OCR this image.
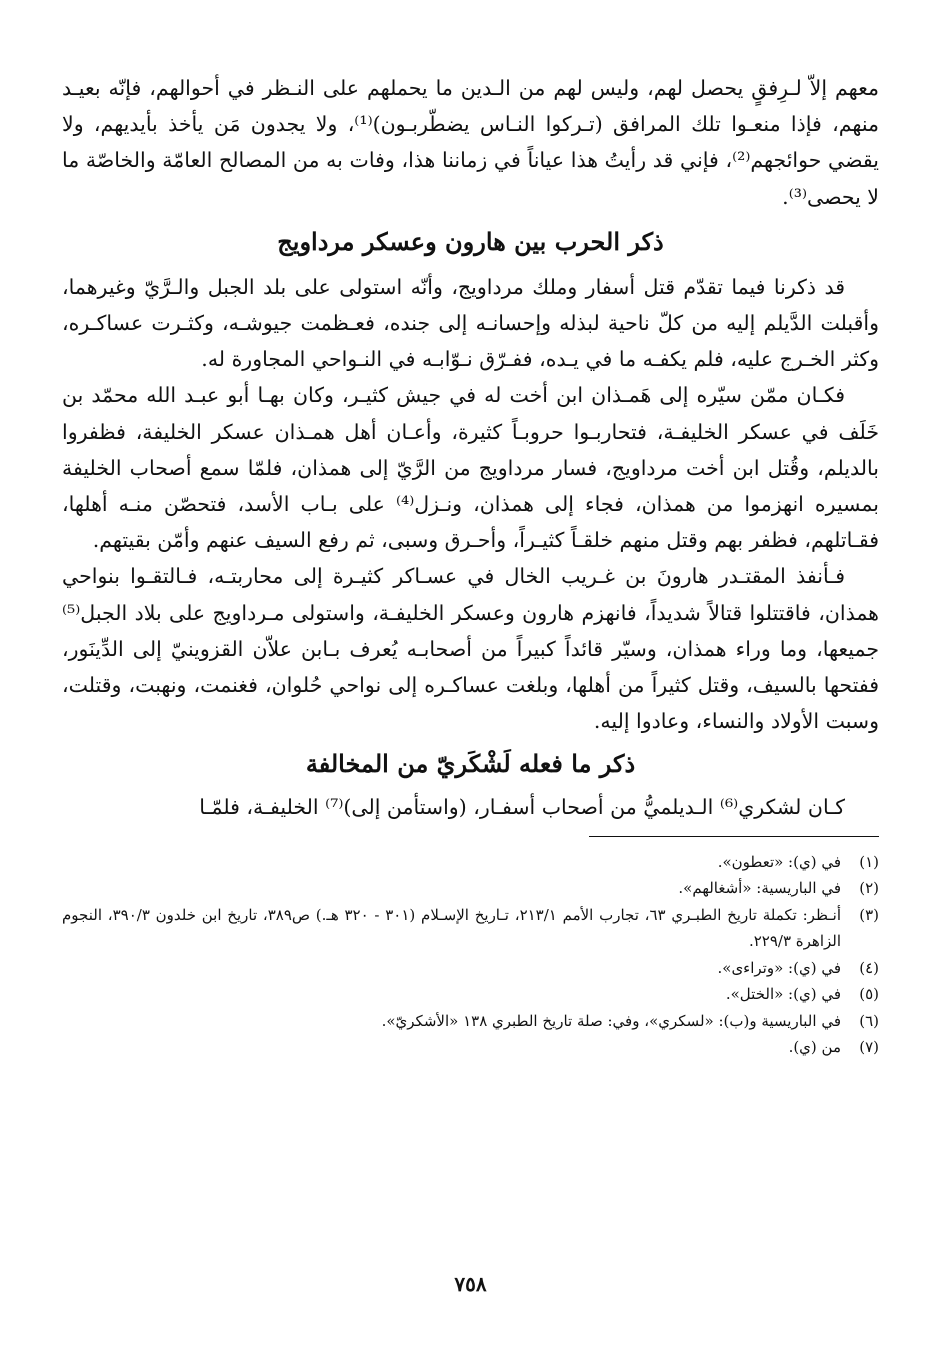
معهم إلاّ لـرِفقٍ يحصل لهم، وليس لهم من الـدين ما يحملهم على النـظر في أحوالهم، فإنّه بعيـد منهم، فإذا منعـوا تلك المرافق (تـركوا النـاس يضطّربـون)⁽¹⁾، ولا يجدون مَن يأخذ بأيديهم، ولا يقضي حوائجهم⁽²⁾، فإني قد رأيتُ هذا عياناً في زماننا هذا، وفات به من المصالح العامّة والخاصّة ما لا يحصى⁽³⁾.

ذكر الحرب بين هارون وعسكر مرداويج

قد ذكرنا فيما تقدّم قتل أسفار وملك مرداويج، وأنّه استولى على بلد الجبل والـرَّيّ وغيرهما، وأقبلت الدَّيلم إليه من كلّ ناحية لبذله وإحسانـه إلى جنده، فعـظمت جيوشـه، وكثـرت عساكـره، وكثر الخـرج عليه، فلم يكفـه ما في يـده، ففـرّق نـوّابـه في النـواحي المجاورة له.

فكـان ممّن سيّره إلى هَمـذان ابن أخت له في جيش كثيـر، وكان بهـا أبو عبـد الله محمّد بن خَلَف في عسكر الخليفـة، فتحاربـوا حروبـاً كثيرة، وأعـان أهل همـذان عسكر الخليفة، فظفروا بالديلم، وقُتل ابن أخت مرداويج، فسار مرداويج من الرَّيّ إلى همذان، فلمّا سمع أصحاب الخليفة بمسيره انهزموا من همذان، فجاء إلى همذان، ونـزل⁽⁴⁾ على بـاب الأسد، فتحصّن منـه أهلها، فقـاتلهم، فظفر بهم وقتل منهم خلقـاً كثيـراً، وأحـرق وسبى، ثم رفع السيف عنهم وأمّن بقيتهم.

فـأنفذ المقتـدر هارونَ بن غـريب الخال في عسـاكر كثيـرة إلى محاربتـه، فـالتقـوا بنواحي همذان، فاقتتلوا قتالاً شديداً، فانهزم هارون وعسكر الخليفـة، واستولى مـرداويج على بلاد الجبل⁽⁵⁾ جميعها، وما وراء همذان، وسيّر قائداً كبيراً من أصحابـه يُعرف بـابن علاّن القزوينيّ إلى الدِّينَور، ففتحها بالسيف، وقتل كثيراً من أهلها، وبلغت عساكـره إلى نواحي حُلوان، فغنمت، ونهبت، وقتلت، وسبت الأولاد والنساء، وعادوا إليه.

ذكر ما فعله لَشْكَريّ من المخالفة

كـان لشكري⁽⁶⁾ الـديلميُّ من أصحاب أسفـار، (واستأمن إلى)⁽⁷⁾ الخليفـة، فلمّـا

(١)
في (ي): «تعطون».
(٢)
في الباريسية: «أشغالهم».
(٣)
أنـظر: تكملة تاريخ الطبـري ٦٣، تجارب الأمم ٢١٣/١، تـاريخ الإسـلام (٣٠١ - ٣٢٠ هـ.) ص٣٨٩، تاريخ ابن خلدون ٣٩٠/٣، النجوم الزاهرة ٢٢٩/٣.
(٤)
في (ي): «وتراءى».
(٥)
في (ي): «الختل».
(٦)
في الباريسية و(ب): «لسكري»، وفي: صلة تاريخ الطبري ١٣٨ «الأشكريّ».
(٧)
من (ي).
٧٥٨
